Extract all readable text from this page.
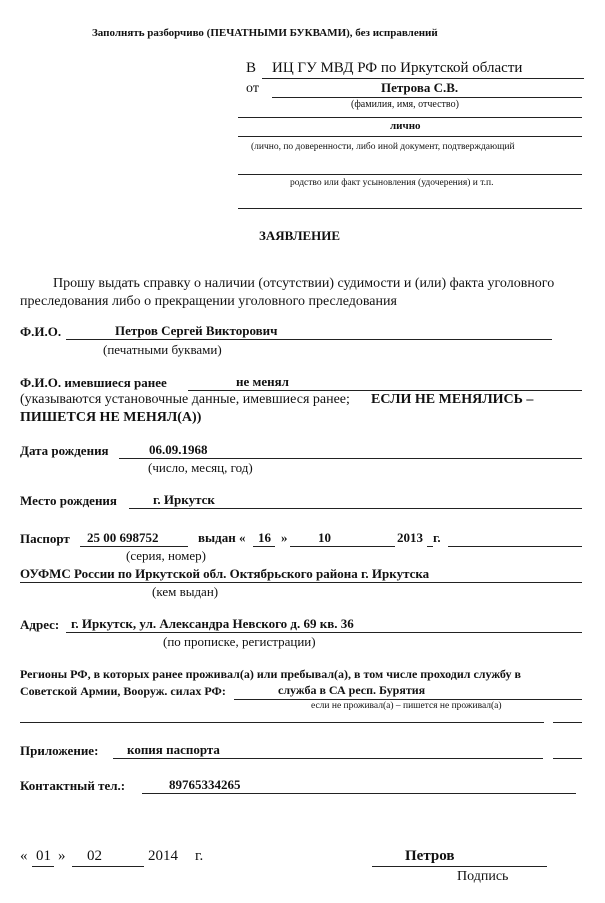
Заполнять разборчиво (ПЕЧАТНЫМИ БУКВАМИ), без исправлений
В ИЦ ГУ МВД РФ по Иркутской области
от	Петрова С.В.
(фамилия, имя, отчество)
лично
(лично, по доверенности, либо иной документ, подтверждающий
родство или факт усыновления (удочерения) и т.п.
ЗАЯВЛЕНИЕ
Прошу выдать справку о наличии (отсутствии) судимости и (или) факта уголовного
преследования либо о прекращении уголовного преследования
Ф.И.О.	Петров Сергей Викторович
(печатными буквами)
Ф.И.О. имевшиеся ранее	не менял
(указываются установочные данные, имевшиеся ранее; ЕСЛИ НЕ МЕНЯЛИСЬ –
ПИШЕТСЯ НЕ МЕНЯЛ(А))
Дата рождения	06.09.1968
(число, месяц, год)
Место рождения	г. Иркутск
Паспорт 25 00 698752	выдан « 16 » 10	2013 г.
(серия, номер)
ОУФМС России по Иркутской обл. Октябрьского района г. Иркутска
(кем выдан)
Адрес: г. Иркутск, ул. Александра Невского д. 69 кв. 36
(по прописке, регистрации)
Регионы РФ, в которых ранее проживал(а) или пребывал(а), в том числе проходил службу в
Советской Армии, Вооруж. силах РФ:	служба в СА респ. Бурятия
если не проживал(а) – пишется не проживал(а)
Приложение: копия паспорта
Контактный тел.:	89765334265
« 01 » 02	2014 г.	Петров
Подпись
